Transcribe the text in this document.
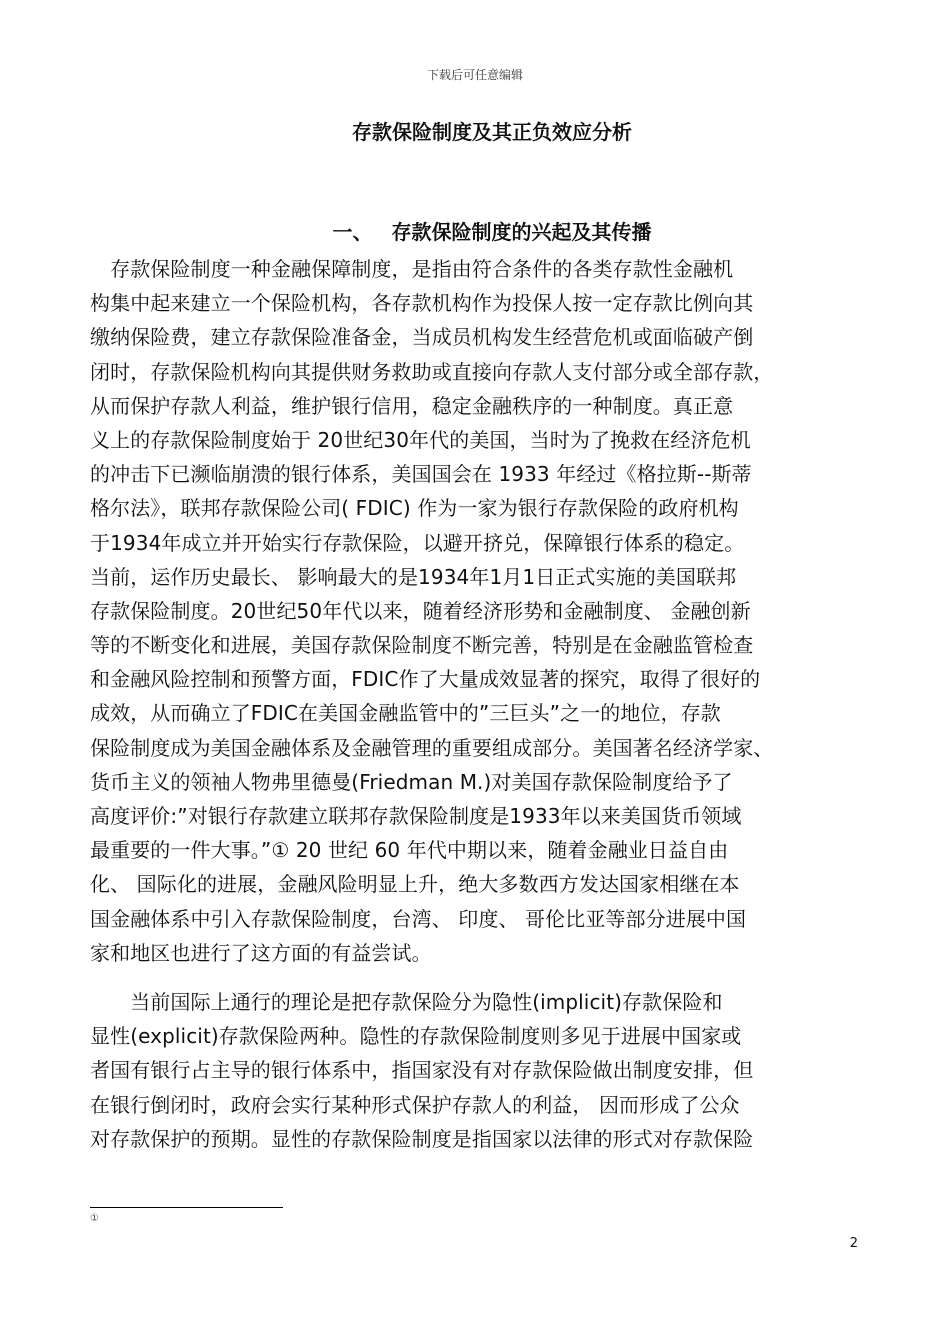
下载后可任意编辑
存款保险制度及其正负效应分析
一、 存款保险制度的兴起及其传播
　存款保险制度一种金融保障制度，是指由符合条件的各类存款性金融机
构集中起来建立一个保险机构，各存款机构作为投保人按一定存款比例向其
缴纳保险费，建立存款保险准备金，当成员机构发生经营危机或面临破产倒
闭时，存款保险机构向其提供财务救助或直接向存款人支付部分或全部存款，
从而保护存款人利益，维护银行信用，稳定金融秩序的一种制度。真正意
义上的存款保险制度始于 20世纪30年代的美国，当时为了挽救在经济危机
的冲击下已濒临崩溃的银行体系，美国国会在 1933 年经过《格拉斯--斯蒂
格尔法》，联邦存款保险公司( FDIC) 作为一家为银行存款保险的政府机构
于1934年成立并开始实行存款保险，以避开挤兑，保障银行体系的稳定。
当前，运作历史最长、 影响最大的是1934年1月1日正式实施的美国联邦
存款保险制度。20世纪50年代以来，随着经济形势和金融制度、 金融创新
等的不断变化和进展，美国存款保险制度不断完善，特别是在金融监管检查
和金融风险控制和预警方面，FDIC作了大量成效显著的探究，取得了很好的
成效，从而确立了FDIC在美国金融监管中的”三巨头”之一的地位，存款
保险制度成为美国金融体系及金融管理的重要组成部分。美国著名经济学家、
货币主义的领袖人物弗里德曼(Friedman M.)对美国存款保险制度给予了
高度评价:”对银行存款建立联邦存款保险制度是1933年以来美国货币领域
最重要的一件大事。”① 20 世纪 60 年代中期以来，随着金融业日益自由
化、 国际化的进展，金融风险明显上升，绝大多数西方发达国家相继在本
国金融体系中引入存款保险制度，台湾、 印度、 哥伦比亚等部分进展中国
家和地区也进行了这方面的有益尝试。
　　当前国际上通行的理论是把存款保险分为隐性(implicit)存款保险和
显性(explicit)存款保险两种。隐性的存款保险制度则多见于进展中国家或
者国有银行占主导的银行体系中，指国家没有对存款保险做出制度安排，但
在银行倒闭时，政府会实行某种形式保护存款人的利益， 因而形成了公众
对存款保护的预期。显性的存款保险制度是指国家以法律的形式对存款保险
①
2
